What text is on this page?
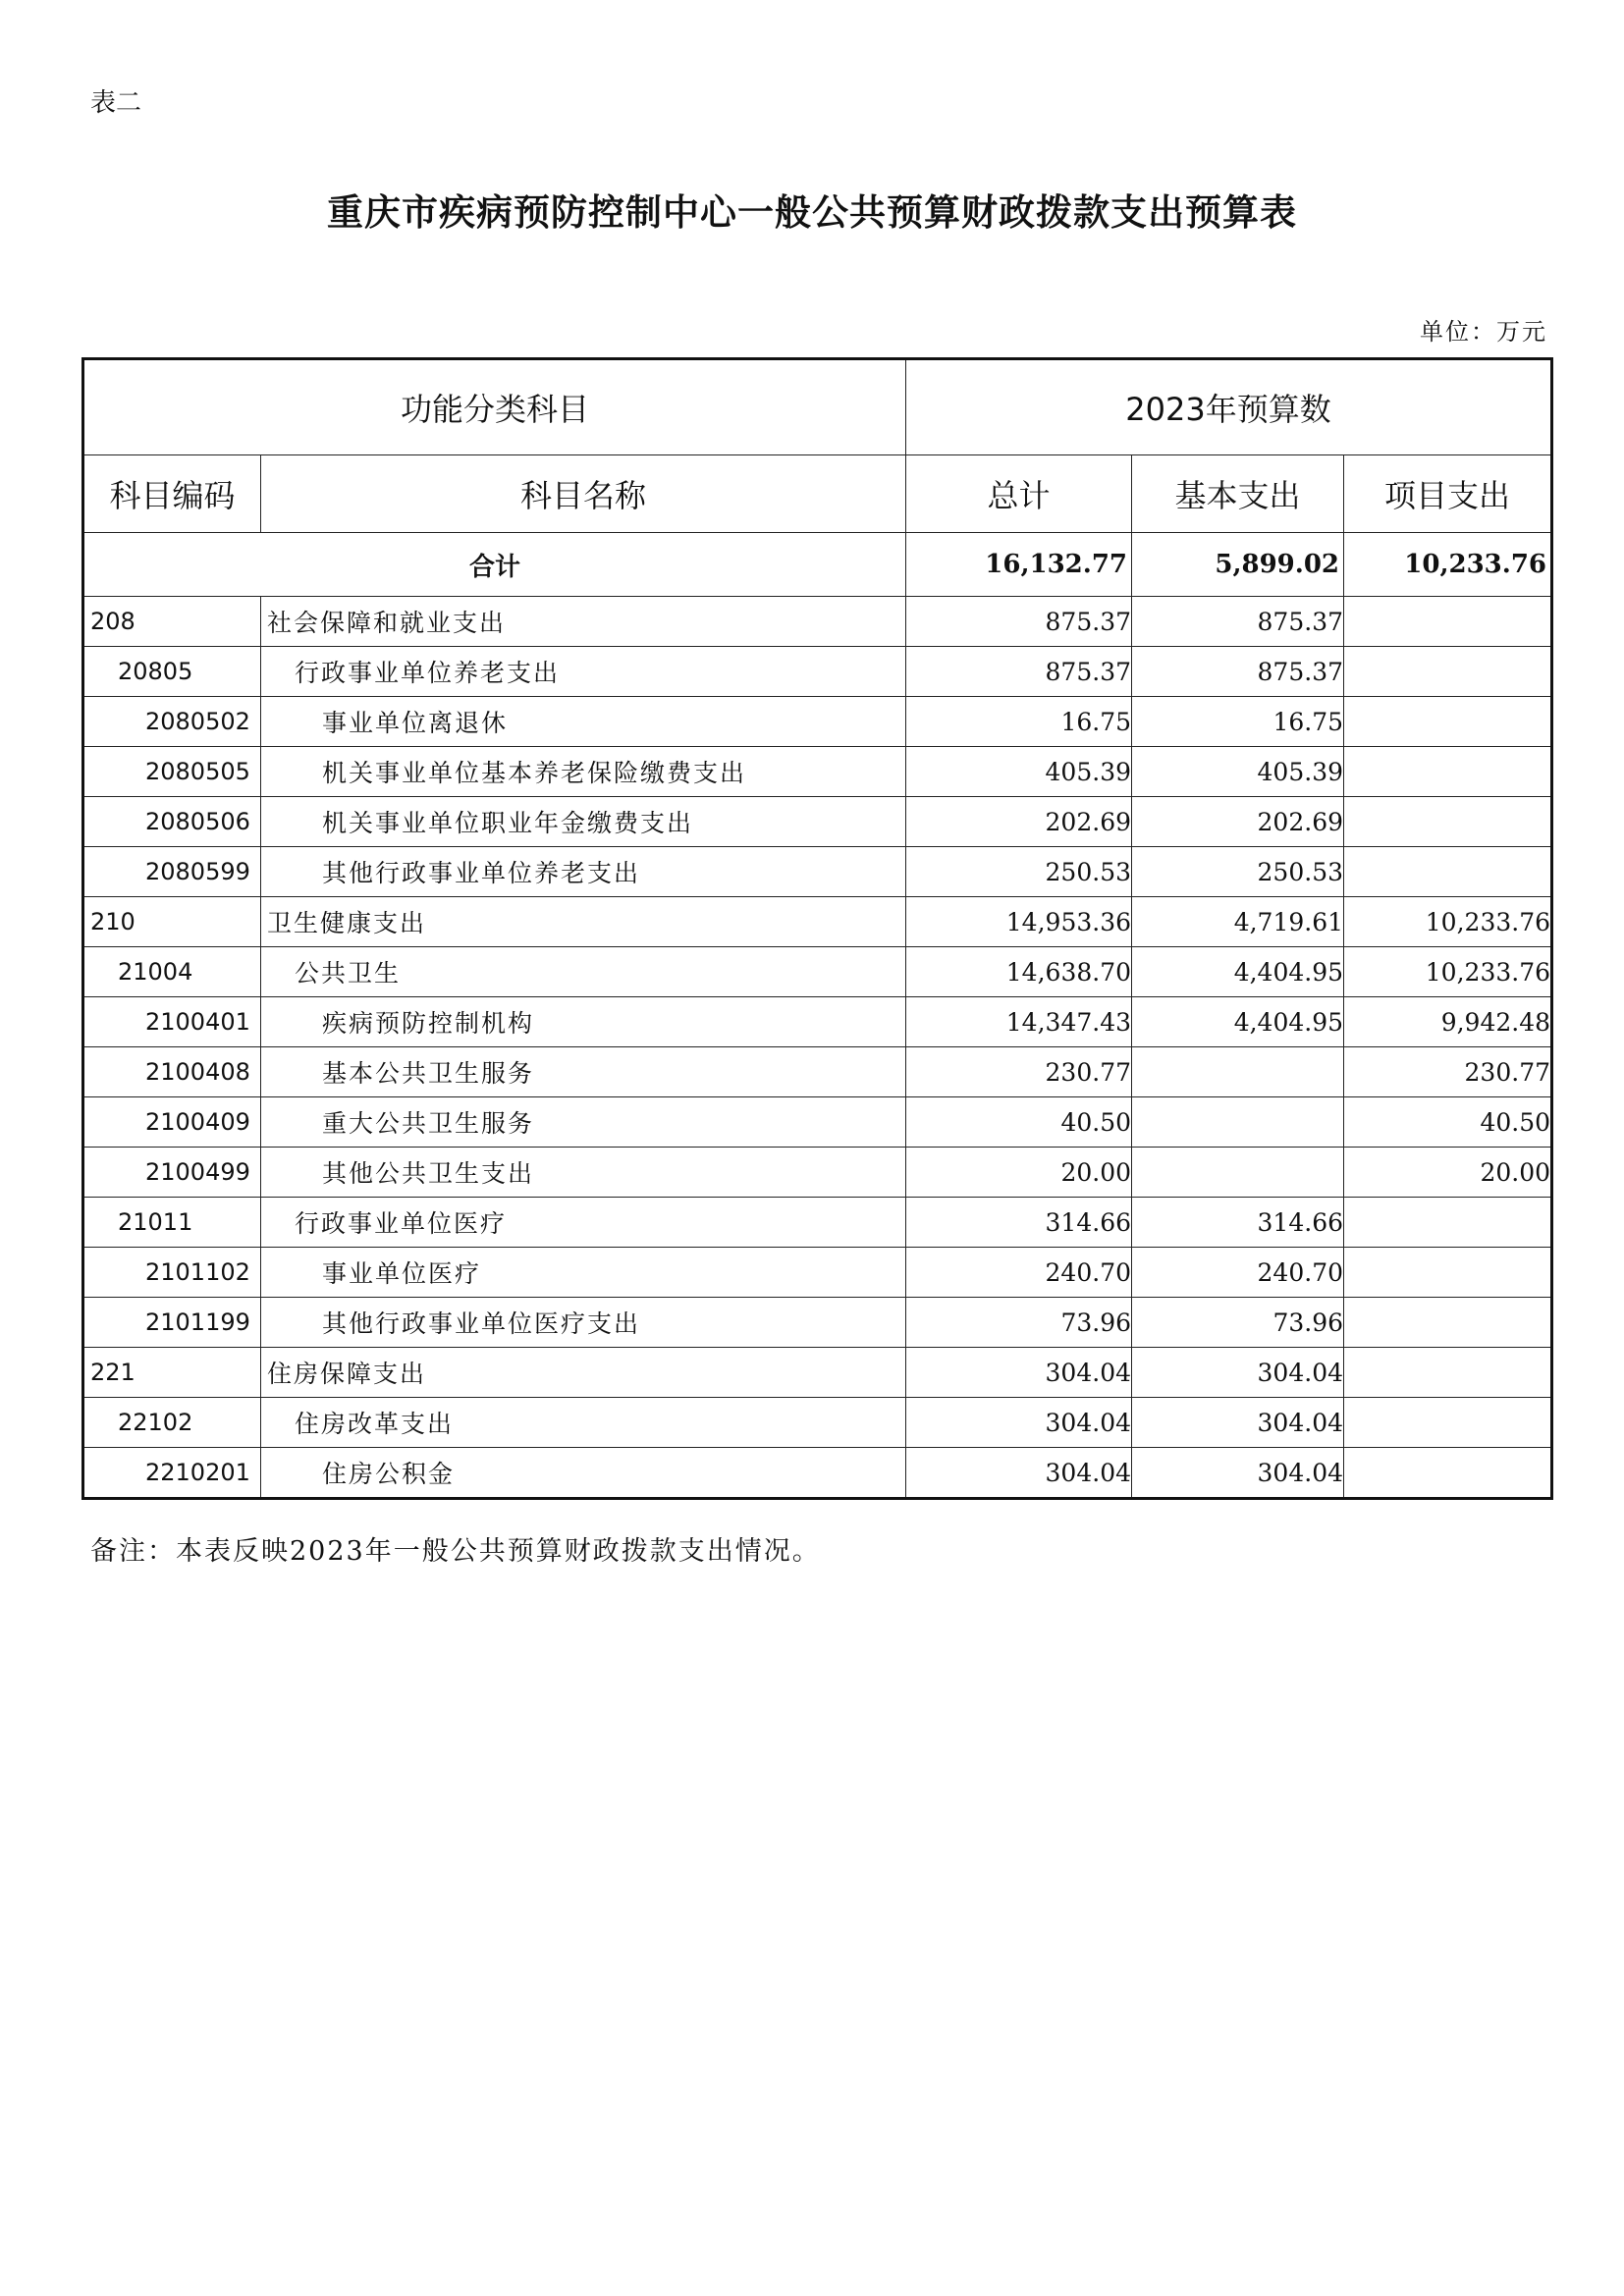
表二
重庆市疾病预防控制中心一般公共预算财政拨款支出预算表
单位：万元
功能分类科目		2023年预算数		
科目编码	科目名称	总计	基本支出	项目支出
合计		16,132.77	5,899.02	10,233.76
208	社会保障和就业支出	875.37	875.37	
20805	行政事业单位养老支出	875.37	875.37	
2080502	事业单位离退休	16.75	16.75	
2080505	机关事业单位基本养老保险缴费支出	405.39	405.39	
2080506	机关事业单位职业年金缴费支出	202.69	202.69	
2080599	其他行政事业单位养老支出	250.53	250.53	
210	卫生健康支出	14,953.36	4,719.61	10,233.76
21004	公共卫生	14,638.70	4,404.95	10,233.76
2100401	疾病预防控制机构	14,347.43	4,404.95	9,942.48
2100408	基本公共卫生服务	230.77		230.77
2100409	重大公共卫生服务	40.50		40.50
2100499	其他公共卫生支出	20.00		20.00
21011	行政事业单位医疗	314.66	314.66	
2101102	事业单位医疗	240.70	240.70	
2101199	其他行政事业单位医疗支出	73.96	73.96	
221	住房保障支出	304.04	304.04	
22102	住房改革支出	304.04	304.04	
2210201	住房公积金	304.04	304.04	
备注：本表反映2023年一般公共预算财政拨款支出情况。
